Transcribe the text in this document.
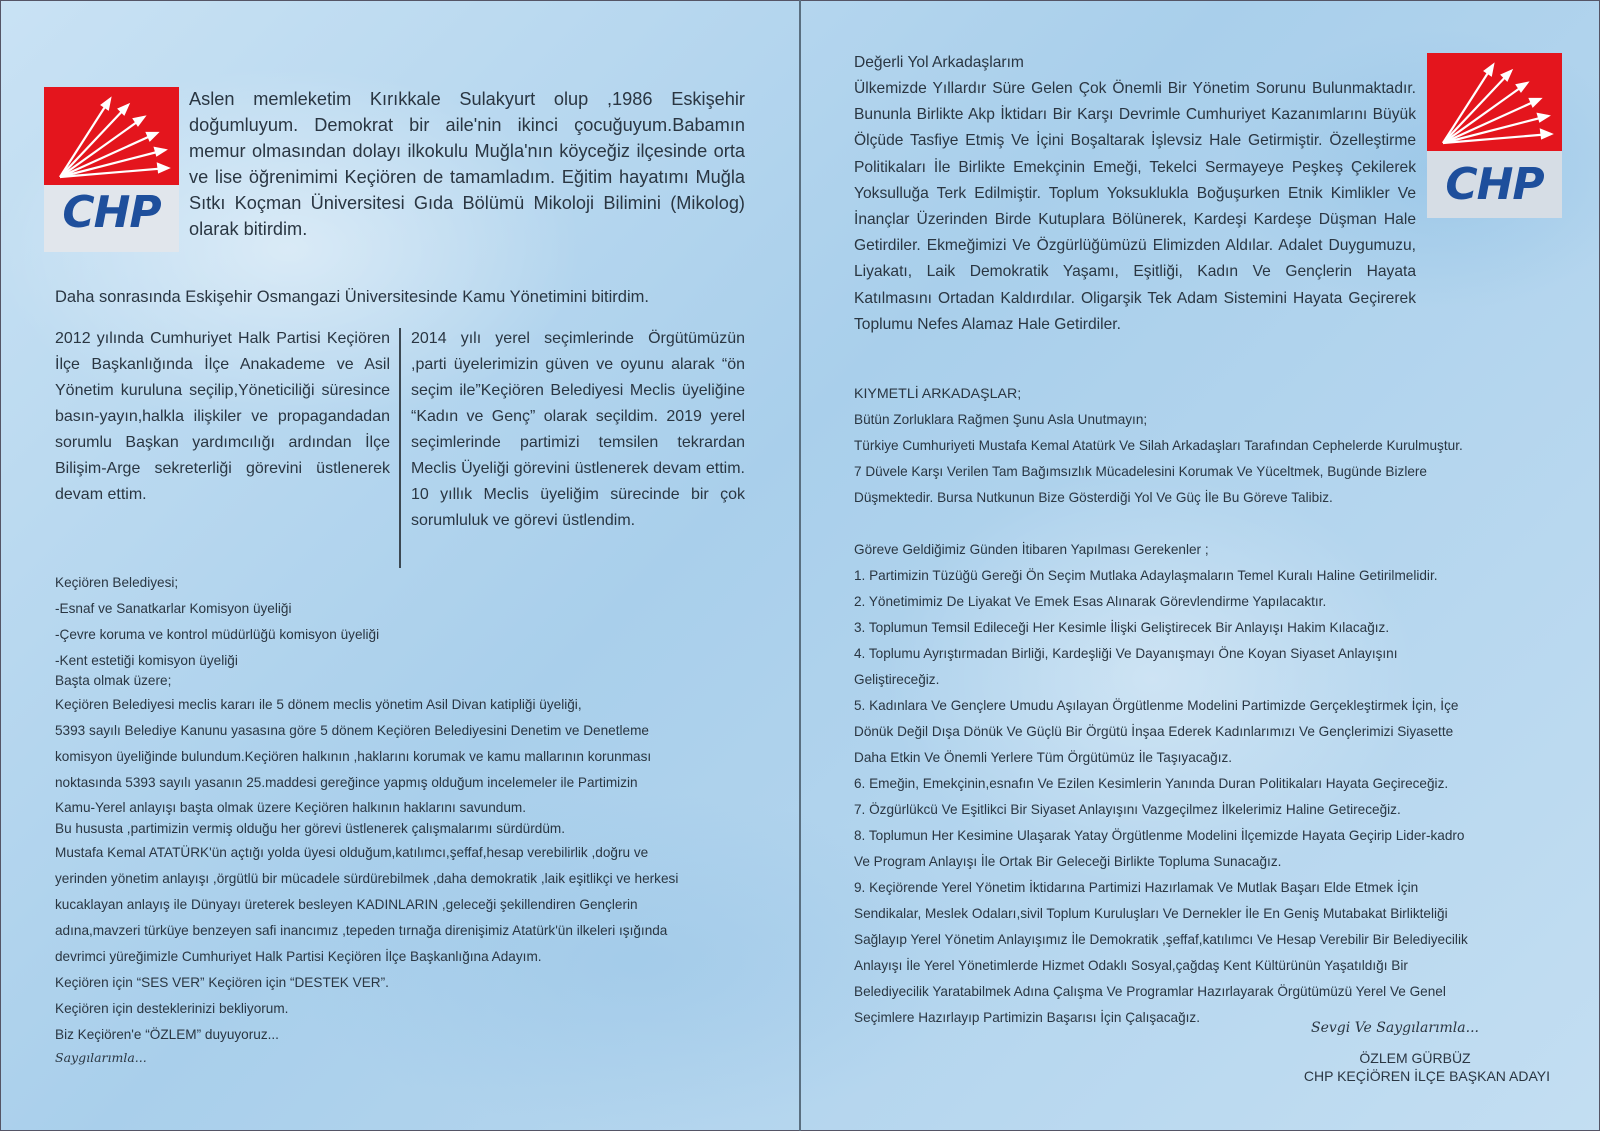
CHP

Aslen memleketim Kırıkkale Sulakyurt olup ,1986 Eskişehir doğumluyum. Demokrat bir aile'nin ikinci çocuğuyum.Babamın memur olmasından dolayı ilkokulu Muğla'nın köyceğiz ilçesinde orta ve lise öğrenimimi Keçiören de tamamladım. Eğitim hayatımı Muğla Sıtkı Koçman Üniversitesi Gıda Bölümü Mikoloji Bilimini (Mikolog) olarak bitirdim.

Daha sonrasında Eskişehir Osmangazi Üniversitesinde Kamu Yönetimini bitirdim.

2012 yılında Cumhuriyet Halk Partisi Keçiören İlçe Başkanlığında İlçe Anakademe ve Asil Yönetim kuruluna seçilip,Yöneticiliği süresince basın-yayın,halkla ilişkiler ve propagandadan sorumlu Başkan yardımcılığı ardından İlçe Bilişim-Arge sekreterliği görevini üstlenerek devam ettim.
2014 yılı yerel seçimlerinde Örgütümüzün ,parti üyelerimizin güven ve oyunu alarak “ön seçim ile”Keçiören Belediyesi Meclis üyeliğine “Kadın ve Genç” olarak seçildim. 2019 yerel seçimlerinde partimizi temsilen tekrardan Meclis Üyeliği görevini üstlenerek devam ettim. 10 yıllık Meclis üyeliğim sürecinde bir çok sorumluluk ve görevi üstlendim.
Keçiören Belediyesi;
-Esnaf ve Sanatkarlar Komisyon üyeliği
-Çevre koruma ve kontrol müdürlüğü komisyon üyeliği
-Kent estetiği komisyon üyeliği
Başta olmak üzere;
Keçiören Belediyesi meclis kararı ile 5 dönem meclis yönetim Asil Divan katipliği üyeliği,
5393 sayılı Belediye Kanunu yasasına göre 5 dönem Keçiören Belediyesini Denetim ve Denetleme
komisyon üyeliğinde bulundum.Keçiören halkının ,haklarını korumak ve kamu mallarının korunması
noktasında 5393 sayılı yasanın 25.maddesi gereğince yapmış olduğum incelemeler ile Partimizin
Kamu-Yerel anlayışı başta olmak üzere Keçiören halkının haklarını savundum.
Bu hususta ,partimizin vermiş olduğu her görevi üstlenerek çalışmalarımı sürdürdüm.
Mustafa Kemal ATATÜRK'ün açtığı yolda üyesi olduğum,katılımcı,şeffaf,hesap verebilirlik ,doğru ve
yerinden yönetim anlayışı ,örgütlü bir mücadele sürdürebilmek ,daha demokratik ,laik eşitlikçi ve herkesi
kucaklayan anlayış ile Dünyayı üreterek besleyen KADINLARIN ,geleceği şekillendiren Gençlerin
adına,mavzeri türküye benzeyen safi inancımız ,tepeden tırnağa direnişimiz Atatürk'ün ilkeleri ışığında
devrimci yüreğimizle Cumhuriyet Halk Partisi Keçiören İlçe Başkanlığına Adayım.
Keçiören için “SES VER” Keçiören için “DESTEK VER”.
Keçiören için desteklerinizi bekliyorum.
Biz Keçiören'e “ÖZLEM” duyuyoruz...
Saygılarımla...
Değerli Yol Arkadaşlarım

Ülkemizde Yıllardır Süre Gelen Çok Önemli Bir Yönetim Sorunu Bulunmaktadır. Bununla Birlikte Akp İktidarı Bir Karşı Devrimle Cumhuriyet Kazanımlarını Büyük Ölçüde Tasfiye Etmiş Ve İçini Boşaltarak İşlevsiz Hale Getirmiştir. Özelleştirme Politikaları İle Birlikte Emekçinin Emeği, Tekelci Sermayeye Peşkeş Çekilerek Yoksulluğa Terk Edilmiştir. Toplum Yoksuklukla Boğuşurken Etnik Kimlikler Ve İnançlar Üzerinden Birde Kutuplara Bölünerek, Kardeşi Kardeşe Düşman Hale Getirdiler. Ekmeğimizi Ve Özgürlüğümüzü Elimizden Aldılar. Adalet Duygumuzu, Liyakatı, Laik Demokratik Yaşamı, Eşitliği, Kadın Ve Gençlerin Hayata Katılmasını Ortadan Kaldırdılar. Oligarşik Tek Adam Sistemini Hayata Geçirerek Toplumu Nefes Alamaz Hale Getirdiler.

CHP
KIYMETLİ ARKADAŞLAR;
Bütün Zorluklara Rağmen Şunu Asla Unutmayın;
Türkiye Cumhuriyeti Mustafa Kemal Atatürk Ve Silah Arkadaşları Tarafından Cephelerde Kurulmuştur.
7 Düvele Karşı Verilen Tam Bağımsızlık Mücadelesini Korumak Ve Yüceltmek, Bugünde Bizlere
Düşmektedir. Bursa Nutkunun Bize Gösterdiği Yol Ve Güç İle Bu Göreve Talibiz.
Göreve Geldiğimiz Günden İtibaren Yapılması Gerekenler ;
1. Partimizin Tüzüğü Gereği Ön Seçim Mutlaka Adaylaşmaların Temel Kuralı Haline Getirilmelidir.
2. Yönetimimiz De Liyakat Ve Emek Esas Alınarak Görevlendirme Yapılacaktır.
3. Toplumun Temsil Edileceği Her Kesimle İlişki Geliştirecek Bir Anlayışı Hakim Kılacağız.
4. Toplumu Ayrıştırmadan Birliği, Kardeşliği Ve Dayanışmayı Öne Koyan Siyaset Anlayışını
Geliştireceğiz.
5. Kadınlara Ve Gençlere Umudu Aşılayan Örgütlenme Modelini Partimizde Gerçekleştirmek İçin, İçe
Dönük Değil Dışa Dönük Ve Güçlü Bir Örgütü İnşaa Ederek Kadınlarımızı Ve Gençlerimizi Siyasette
Daha Etkin Ve Önemli Yerlere Tüm Örgütümüz İle Taşıyacağız.
6. Emeğin, Emekçinin,esnafın Ve Ezilen Kesimlerin Yanında Duran Politikaları Hayata Geçireceğiz.
7. Özgürlükcü Ve Eşitlikci Bir Siyaset Anlayışını Vazgeçilmez İlkelerimiz Haline Getireceğiz.
8. Toplumun Her Kesimine Ulaşarak Yatay Örgütlenme Modelini İlçemizde Hayata Geçirip Lider-kadro
Ve Program Anlayışı İle Ortak Bir Geleceği Birlikte Topluma Sunacağız.
9. Keçiörende Yerel Yönetim İktidarına Partimizi Hazırlamak Ve Mutlak Başarı Elde Etmek İçin
Sendikalar, Meslek Odaları,sivil Toplum Kuruluşları Ve Dernekler İle En Geniş Mutabakat Birlikteliği
Sağlayıp Yerel Yönetim Anlayışımız İle Demokratik ,şeffaf,katılımcı Ve Hesap Verebilir Bir Belediyecilik
Anlayışı İle Yerel Yönetimlerde Hizmet Odaklı Sosyal,çağdaş Kent Kültürünün Yaşatıldığı Bir
Belediyecilik Yaratabilmek Adına Çalışma Ve Programlar Hazırlayarak Örgütümüzü Yerel Ve Genel
Seçimlere Hazırlayıp Partimizin Başarısı İçin Çalışacağız.
Sevgi Ve Saygılarımla...
ÖZLEM GÜRBÜZ
CHP KEÇİÖREN İLÇE BAŞKAN ADAYI
